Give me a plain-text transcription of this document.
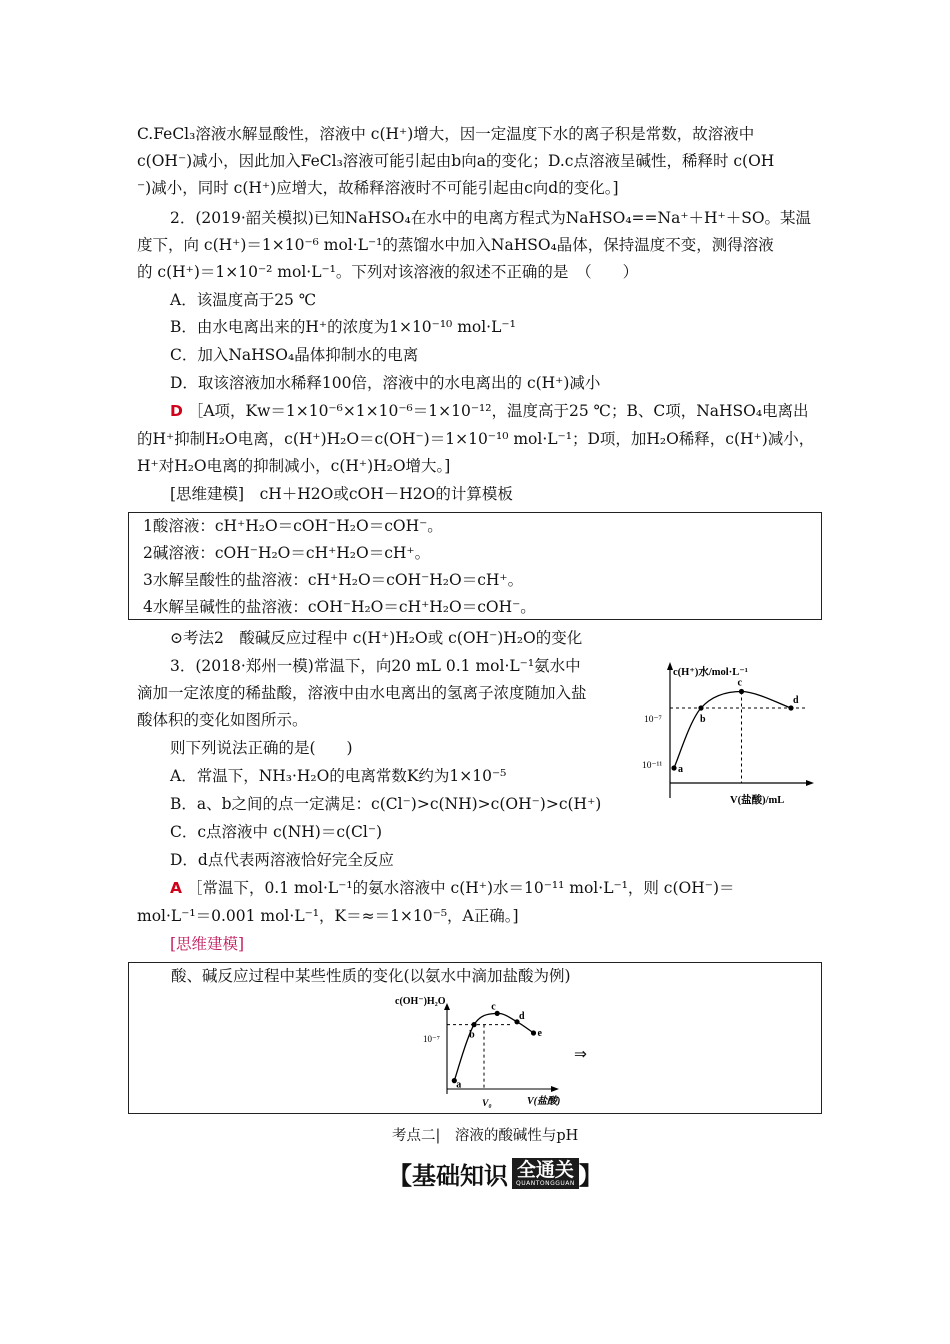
C.FeCl₃溶液水解显酸性，溶液中 c(H⁺)增大，因一定温度下水的离子积是常数，故溶液中
c(OH⁻)减小，因此加入FeCl₃溶液可能引起由b向a的变化；D.c点溶液呈碱性，稀释时 c(OH
⁻)减小，同时 c(H⁺)应增大，故稀释溶液时不可能引起由c向d的变化。]
2．(2019·韶关模拟)已知NaHSO₄在水中的电离方程式为NaHSO₄==Na⁺＋H⁺＋SO。某温
度下，向 c(H⁺)＝1×10⁻⁶ mol·L⁻¹的蒸馏水中加入NaHSO₄晶体，保持温度不变，测得溶液
的 c(H⁺)＝1×10⁻² mol·L⁻¹。下列对该溶液的叙述不正确的是　（　　）
A．该温度高于25 ℃
B．由水电离出来的H⁺的浓度为1×10⁻¹⁰ mol·L⁻¹
C．加入NaHSO₄晶体抑制水的电离
D．取该溶液加水稀释100倍，溶液中的水电离出的 c(H⁺)减小
D ［A项，Kw＝1×10⁻⁶×1×10⁻⁶＝1×10⁻¹²，温度高于25 ℃；B、C项，NaHSO₄电离出
的H⁺抑制H₂O电离，c(H⁺)H₂O＝c(OH⁻)＝1×10⁻¹⁰ mol·L⁻¹；D项，加H₂O稀释，c(H⁺)减小，
H⁺对H₂O电离的抑制减小，c(H⁺)H₂O增大。]
[思维建模]　cH＋H2O或cOH－H2O的计算模板
1酸溶液：cH⁺H₂O＝cOH⁻H₂O＝cOH⁻。
2碱溶液：cOH⁻H₂O＝cH⁺H₂O＝cH⁺。
3水解呈酸性的盐溶液：cH⁺H₂O＝cOH⁻H₂O＝cH⁺。
4水解呈碱性的盐溶液：cOH⁻H₂O＝cH⁺H₂O＝cOH⁻。
⊙考法2　酸碱反应过程中 c(H⁺)H₂O或 c(OH⁻)H₂O的变化
3．(2018·郑州一模)常温下，向20 mL 0.1 mol·L⁻¹氨水中
滴加一定浓度的稀盐酸，溶液中由水电离出的氢离子浓度随加入盐
酸体积的变化如图所示。
则下列说法正确的是(　　)
A．常温下，NH₃·H₂O的电离常数K约为1×10⁻⁵
B．a、b之间的点一定满足：c(Cl⁻)>c(NH)>c(OH⁻)>c(H⁺)
C．c点溶液中 c(NH)＝c(Cl⁻)
D．d点代表两溶液恰好完全反应
A ［常温下，0.1 mol·L⁻¹的氨水溶液中 c(H⁺)水＝10⁻¹¹ mol·L⁻¹，则 c(OH⁻)＝
mol·L⁻¹＝0.001 mol·L⁻¹，K＝≈＝1×10⁻⁵，A正确。]
c(H⁺)水/mol·L⁻¹
V(盐酸)/mL
10⁻⁷
10⁻¹¹ a
b
c
d
[思维建模]
酸、碱反应过程中某些性质的变化(以氨水中滴加盐酸为例)
⇒
c(OH⁻)H₂O
V(盐酸)
10⁻⁷
V₀
a
b
c
d
e
考点二|　溶液的酸碱性与pH
【基础知识 全通关
QUANTONGGUAN 】
